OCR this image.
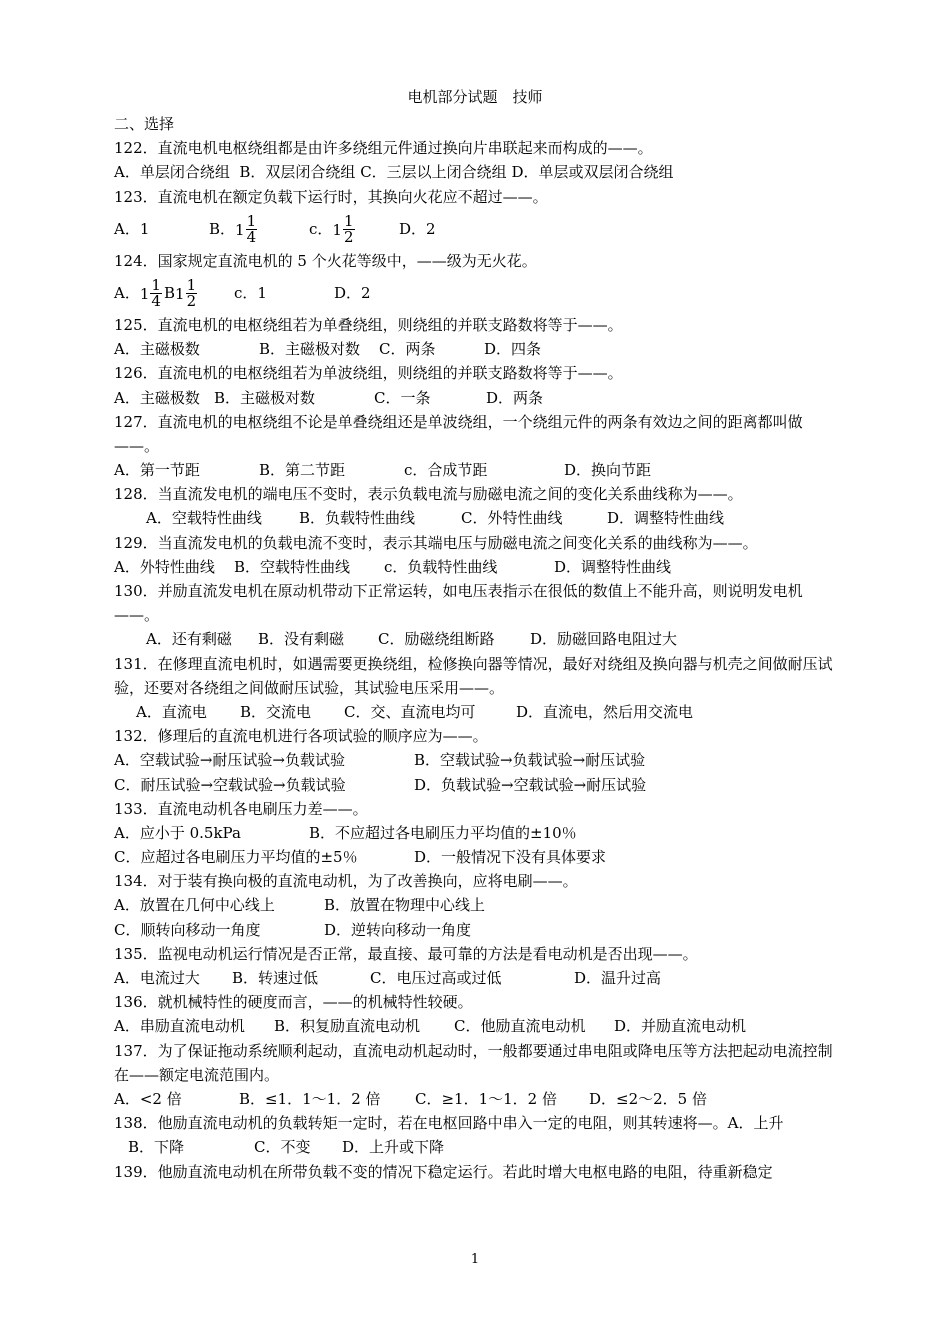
电机部分试题　技师
二、选择
122．直流电机电枢绕组都是由许多绕组元件通过换向片串联起来而构成的——。
A．单层闭合绕组 B．双层闭合绕组 C．三层以上闭合绕组 D．单层或双层闭合绕组
123．直流电机在额定负载下运行时，其换向火花应不超过——。
A．1	B． $1 \frac{1}{4}$	c． $1 \frac{1}{2}$	D．2
124．国家规定直流电机的 5 个火花等级中，——级为无火花。
A． $1 \frac{1}{4}$ B $1 \frac{1}{2}$ c．1	D．2
125．直流电机的电枢绕组若为单叠绕组，则绕组的并联支路数将等于——。
A．主磁极数	B．主磁极对数 C．两条	D．四条
126．直流电机的电枢绕组若为单波绕组，则绕组的并联支路数将等于——。
A．主磁极数 B．主磁极对数	C．一条	D．两条
127．直流电机的电枢绕组不论是单叠绕组还是单波绕组，一个绕组元件的两条有效边之间的距离都叫做——。
A．第一节距	B．第二节距	c．合成节距	D．换向节距
128．当直流发电机的端电压不变时，表示负载电流与励磁电流之间的变化关系曲线称为——。
A．空载特性曲线 B．负载特性曲线	C．外特性曲线	D．调整特性曲线
129．当直流发电机的负载电流不变时，表示其端电压与励磁电流之间变化关系的曲线称为——。
A．外特性曲线 B．空载特性曲线 c．负载特性曲线	D．调整特性曲线
130．并励直流发电机在原动机带动下正常运转，如电压表指示在很低的数值上不能升高，则说明发电机——。
A．还有剩磁 B．没有剩磁 C．励磁绕组断路 D．励磁回路电阻过大
131．在修理直流电机时，如遇需要更换绕组，检修换向器等情况，最好对绕组及换向器与机壳之间做耐压试验，还要对各绕组之间做耐压试验，其试验电压采用——。
A．直流电 B．交流电 C．交、直流电均可	D．直流电，然后用交流电
132．修理后的直流电机进行各项试验的顺序应为——。
A．空载试验→耐压试验→负载试验	B．空载试验→负载试验→耐压试验
C．耐压试验→空载试验→负载试验	D．负载试验→空载试验→耐压试验
133．直流电动机各电刷压力差——。
A．应小于 0.5kPa	B．不应超过各电刷压力平均值的±10％
C．应超过各电刷压力平均值的±5％	D．一般情况下没有具体要求
134．对于装有换向极的直流电动机，为了改善换向，应将电刷——。
A．放置在几何中心线上	B．放置在物理中心线上
C．顺转向移动一角度	D．逆转向移动一角度
135．监视电动机运行情况是否正常，最直接、最可靠的方法是看电动机是否出现——。
A．电流过大 B．转速过低	C．电压过高或过低	D．温升过高
136．就机械特性的硬度而言，——的机械特性较硬。
A．串励直流电动机 B．积复励直流电动机 C．他励直流电动机 D．并励直流电动机
137．为了保证拖动系统顺利起动，直流电动机起动时，一般都要通过串电阻或降电压等方法把起动电流控制在——额定电流范围内。
A．<2 倍	B．≤1．1～1．2 倍 C．≥1．1～1．2 倍 D．≤2～2．5 倍
138．他励直流电动机的负载转矩一定时，若在电枢回路中串入一定的电阻，则其转速将—。A．上升 B．下降	C．不变 D．上升或下降
139．他励直流电动机在所带负载不变的情况下稳定运行。若此时增大电枢电路的电阻，待重新稳定
1
